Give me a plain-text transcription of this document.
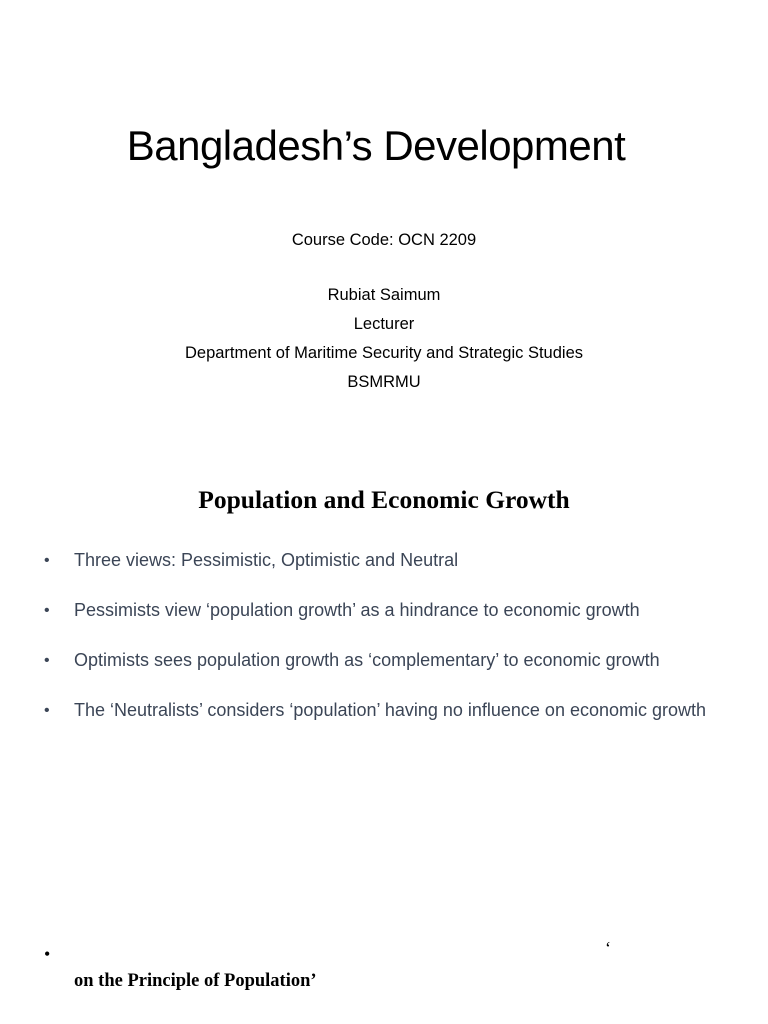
Bangladesh’s Development
Course Code: OCN 2209
Rubiat Saimum
Lecturer
Department of Maritime Security and Strategic Studies
BSMRMU
Population and Economic Growth
• Three views: Pessimistic, Optimistic and Neutral
• Pessimists view ‘population growth’ as a hindrance to economic growth
• Optimists sees population growth as ‘complementary’ to economic growth
• The ‘Neutralists’ considers ‘population’ having no influence on economic growth
•	‘
on the Principle of Population’
